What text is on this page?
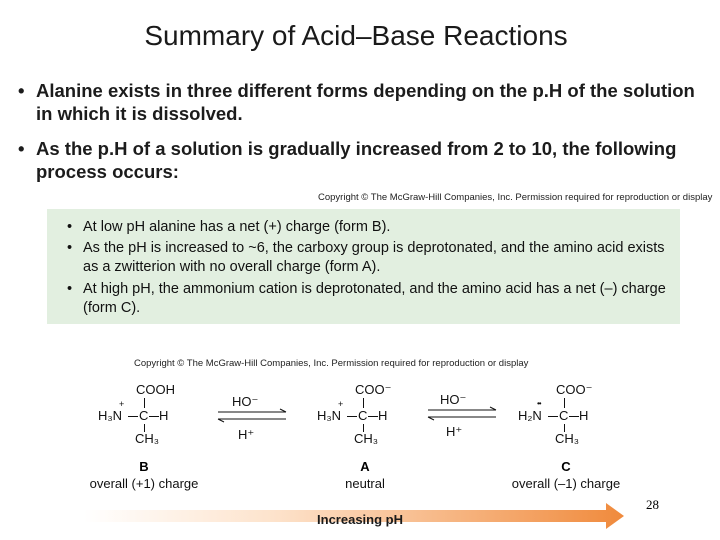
Summary of Acid–Base Reactions
• Alanine exists in three different forms depending on the p.H of the solution in which it is dissolved.
• As the p.H of a solution is gradually increased from 2 to 10, the following process occurs:
Copyright © The McGraw-Hill Companies, Inc. Permission required for reproduction or display
• At low pH alanine has a net (+) charge (form B).
• As the pH is increased to ~6, the carboxy group is deprotonated, and the amino acid exists as a zwitterion with no overall charge (form A).
• At high pH, the ammonium cation is deprotonated, and the amino acid has a net (–) charge (form C).
Copyright © The McGraw-Hill Companies, Inc. Permission required for reproduction or display
COOH
H₃N
+
C H
CH₃
B
overall (+1) charge
HO⁻
H⁺
COO⁻
H₃N
+
C H
CH₃
A
neutral
HO⁻
H⁺
COO⁻
H₂N
••
C H
CH₃
C
overall (–1) charge
28
Increasing pH
